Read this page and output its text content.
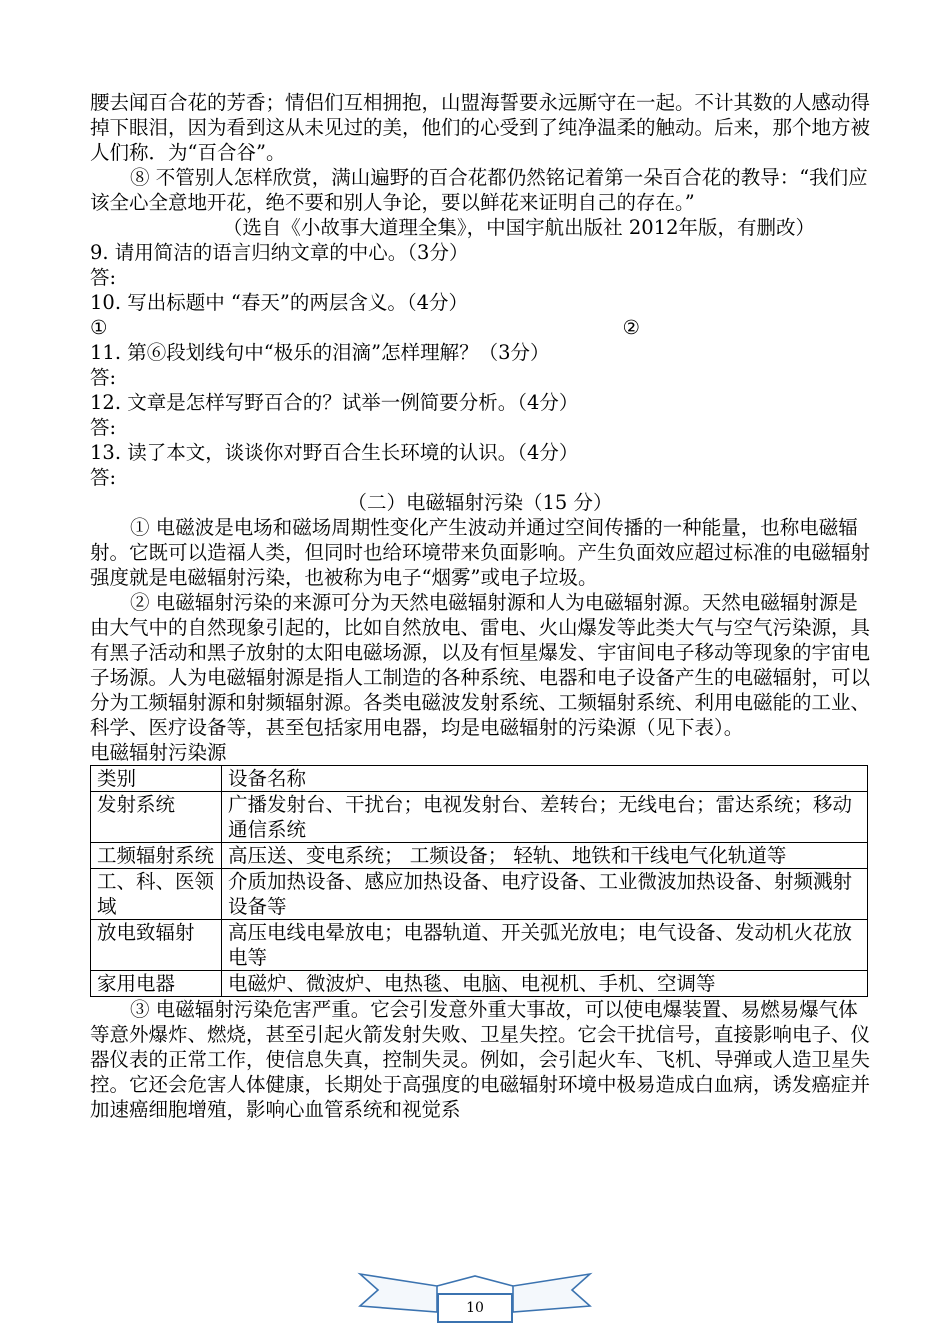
腰去闻百合花的芳香；情侣们互相拥抱，山盟海誓要永远厮守在一起。不计其数的人感动得掉下眼泪，因为看到这从未见过的美，他们的心受到了纯净温柔的触动。后来，那个地方被人们称．为“百合谷”。

⑧ 不管别人怎样欣赏，满山遍野的百合花都仍然铭记着第一朵百合花的教导：“我们应该全心全意地开花，绝不要和别人争论，要以鲜花来证明自己的存在。”

（选自《小故事大道理全集》，中国宇航出版社 2012年版，有删改）

9. 请用简洁的语言归纳文章的中心。（3分）

答:

10. 写出标题中 “春天”的两层含义。（4分）

①	②

11. 第⑥段划线句中“极乐的泪滴”怎样理解？（3分）

答:

12. 文章是怎样写野百合的？试举一例简要分析。（4分）

答:

13. 读了本文，谈谈你对野百合生长环境的认识。（4分）

答:

（二）电磁辐射污染（15 分）

① 电磁波是电场和磁场周期性变化产生波动并通过空间传播的一种能量，也称电磁辐射。它既可以造福人类，但同时也给环境带来负面影响。产生负面效应超过标准的电磁辐射强度就是电磁辐射污染，也被称为电子“烟雾”或电子垃圾。

② 电磁辐射污染的来源可分为天然电磁辐射源和人为电磁辐射源。天然电磁辐射源是由大气中的自然现象引起的，比如自然放电、雷电、火山爆发等此类大气与空气污染源，具有黑子活动和黑子放射的太阳电磁场源，以及有恒星爆发、宇宙间电子移动等现象的宇宙电子场源。人为电磁辐射源是指人工制造的各种系统、电器和电子设备产生的电磁辐射，可以分为工频辐射源和射频辐射源。各类电磁波发射系统、工频辐射系统、利用电磁能的工业、科学、医疗设备等，甚至包括家用电器，均是电磁辐射的污染源（见下表）。

电磁辐射污染源

类别	设备名称
发射系统	广播发射台、干扰台；电视发射台、差转台；无线电台；雷达系统；移动通信系统
工频辐射系统	高压送、变电系统； 工频设备； 轻轨、地铁和干线电气化轨道等
工、科、医领域	介质加热设备、感应加热设备、电疗设备、工业微波加热设备、射频溅射设备等
放电致辐射	高压电线电晕放电；电器轨道、开关弧光放电；电气设备、发动机火花放电等
家用电器	电磁炉、微波炉、电热毯、电脑、电视机、手机、空调等

③ 电磁辐射污染危害严重。它会引发意外重大事故，可以使电爆装置、易燃易爆气体等意外爆炸、燃烧，甚至引起火箭发射失败、卫星失控。它会干扰信号，直接影响电子、仪器仪表的正常工作，使信息失真，控制失灵。例如，会引起火车、飞机、导弹或人造卫星失控。它还会危害人体健康，长期处于高强度的电磁辐射环境中极易造成白血病，诱发癌症并加速癌细胞增殖，影响心血管系统和视觉系

10
